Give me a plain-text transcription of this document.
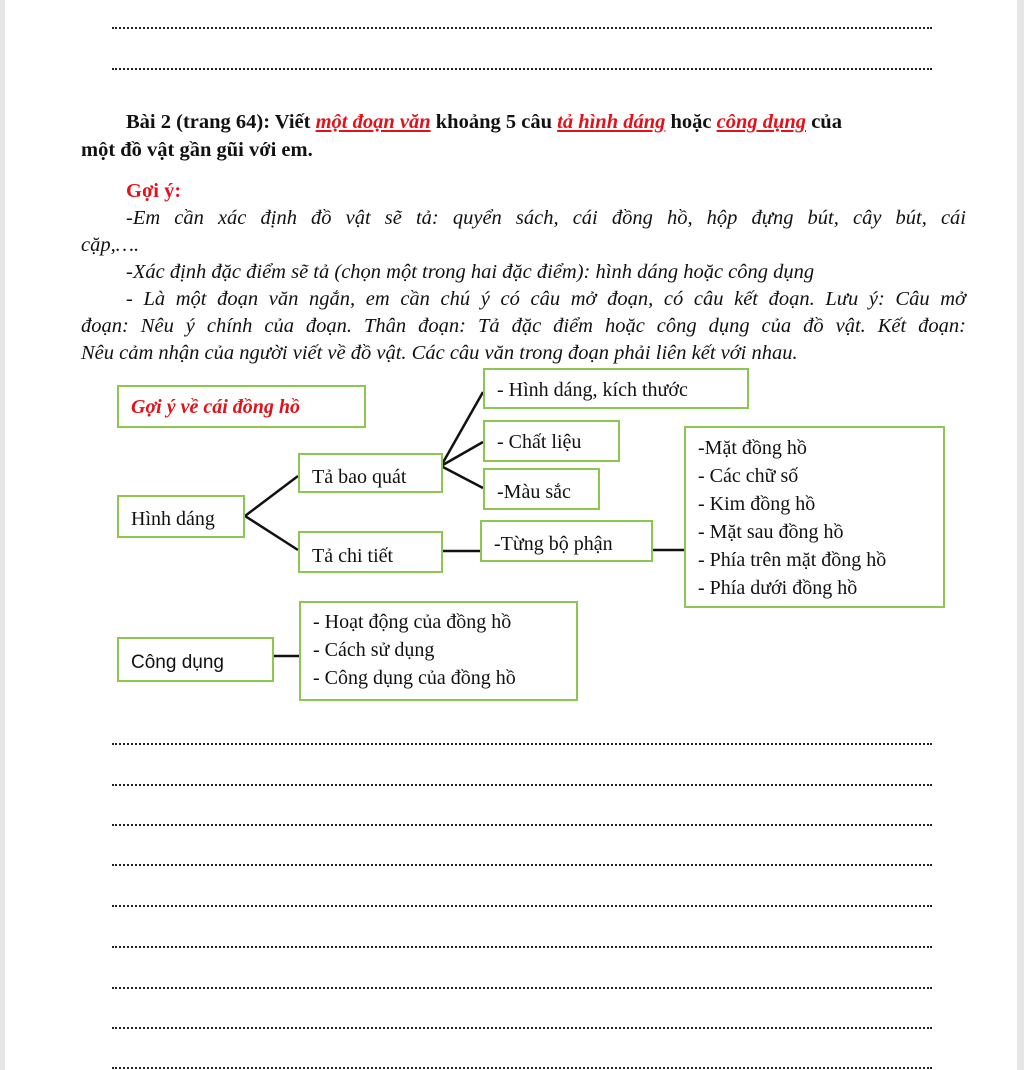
Bài 2 (trang 64): Viết một đoạn văn khoảng 5 câu tả hình dáng hoặc công dụng của
một đồ vật gần gũi với em.
Gợi ý:
-Em cần xác định đồ vật sẽ tả: quyển sách, cái đồng hồ, hộp đựng bút, cây bút, cái
cặp,….
-Xác định đặc điểm sẽ tả (chọn một trong hai đặc điểm): hình dáng hoặc công dụng
- Là một đoạn văn ngắn, em cần chú ý có câu mở đoạn, có câu kết đoạn. Lưu ý: Câu mở
đoạn: Nêu ý chính của đoạn. Thân đoạn: Tả đặc điểm hoặc công dụng của đồ vật. Kết đoạn:
Nêu cảm nhận của người viết về đồ vật. Các câu văn trong đoạn phải liên kết với nhau.
Gợi ý về cái đồng hồ
Hình dáng
Tả bao quát
Tả chi tiết
- Hình dáng, kích thước
- Chất liệu
-Màu sắc
-Từng bộ phận
-Mặt đồng hồ
- Các chữ số
- Kim đồng hồ
- Mặt sau đồng hồ
- Phía trên mặt đồng hồ
- Phía dưới đồng hồ
Công dụng
- Hoạt động của đồng hồ
- Cách sử dụng
- Công dụng của đồng hồ
